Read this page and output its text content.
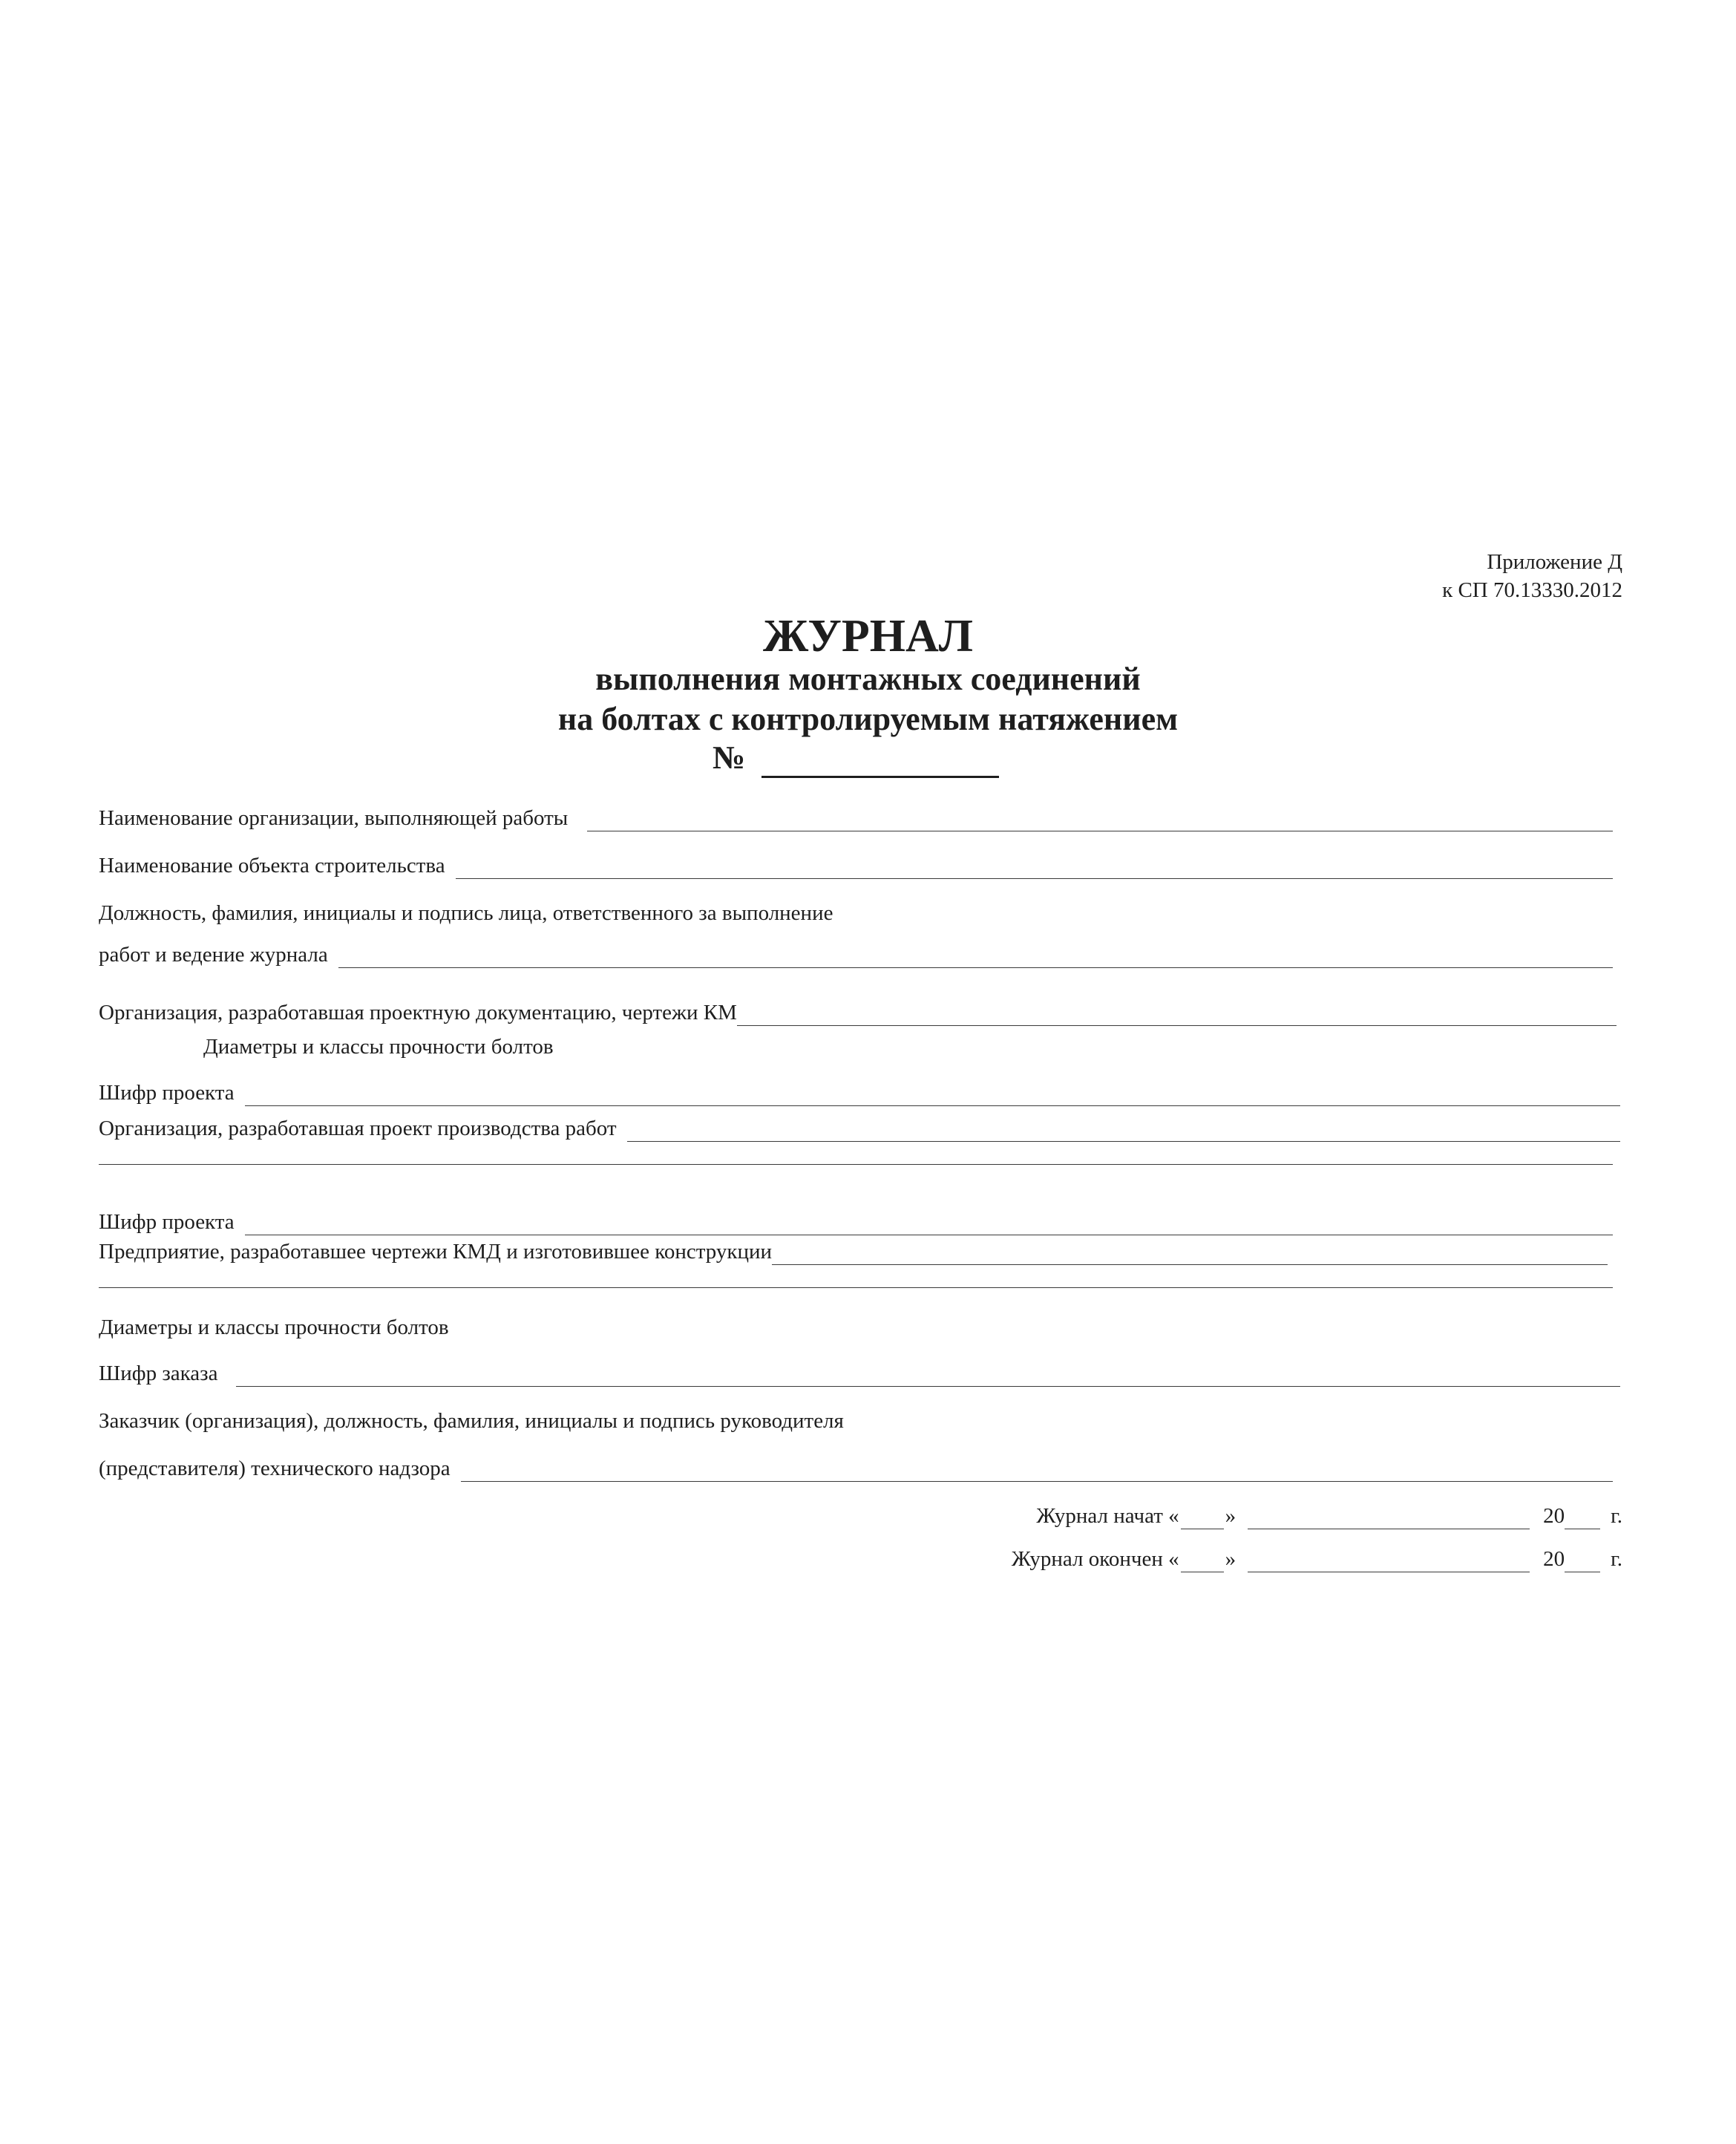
Приложение Д
к СП 70.13330.2012
ЖУРНАЛ
выполнения монтажных соединений
на болтах с контролируемым натяжением
№
Наименование организации, выполняющей работы
Наименование объекта строительства
Должность, фамилия, инициалы и подпись лица, ответственного за выполнение
работ и ведение журнала
Организация, разработавшая проектную документацию, чертежи КМ
Диаметры и классы прочности болтов
Шифр проекта
Организация, разработавшая проект производства работ
Шифр проекта
Предприятие, разработавшее чертежи КМД и изготовившее конструкции
Диаметры и классы прочности болтов
Шифр заказа
Заказчик (организация), должность, фамилия, инициалы и подпись руководителя
(представителя) технического надзора
Журнал начат « »	20 г.
Журнал окончен « »	20 г.
